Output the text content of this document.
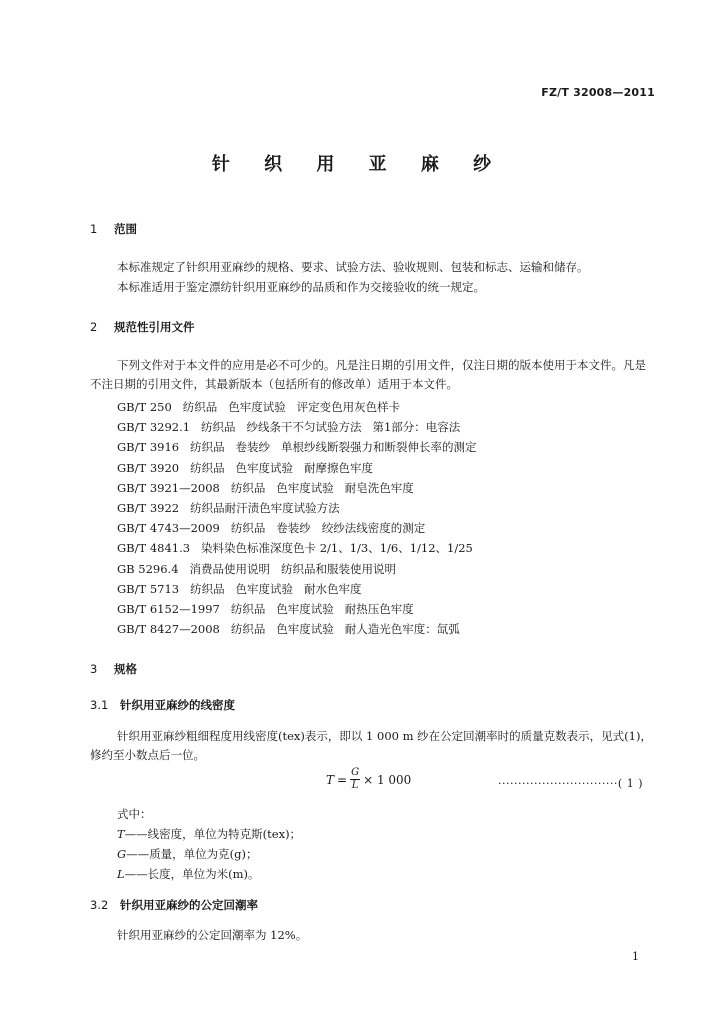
FZ/T 32008—2011
针 织 用 亚 麻 纱
1 范围
本标准规定了针织用亚麻纱的规格、要求、试验方法、验收规则、包装和标志、运输和储存。
本标准适用于鉴定漂纺针织用亚麻纱的品质和作为交接验收的统一规定。
2 规范性引用文件

下列文件对于本文件的应用是必不可少的。凡是注日期的引用文件，仅注日期的版本使用于本文件。凡是不注日期的引用文件，其最新版本（包括所有的修改单）适用于本文件。

GB/T 250   纺织品   色牢度试验   评定变色用灰色样卡
GB/T 3292.1   纺织品   纱线条干不匀试验方法   第1部分：电容法
GB/T 3916   纺织品   卷装纱   单根纱线断裂强力和断裂伸长率的测定
GB/T 3920   纺织品   色牢度试验   耐摩擦色牢度
GB/T 3921—2008   纺织品   色牢度试验   耐皂洗色牢度
GB/T 3922   纺织品耐汗渍色牢度试验方法
GB/T 4743—2009   纺织品   卷装纱   绞纱法线密度的测定
GB/T 4841.3   染料染色标准深度色卡 2/1、1/3、1/6、1/12、1/25
GB 5296.4   消费品使用说明   纺织品和服装使用说明
GB/T 5713   纺织品   色牢度试验   耐水色牢度
GB/T 6152—1997   纺织品   色牢度试验   耐热压色牢度
GB/T 8427—2008   纺织品   色牢度试验   耐人造光色牢度：氙弧
3 规格
3.1 针织用亚麻纱的线密度

针织用亚麻纱粗细程度用线密度(tex)表示，即以 1 000 m 纱在公定回潮率时的质量克数表示，见式(1)，修约至小数点后一位。

$T = \frac{G}{L} \times 1$ 000	······························( 1 )
式中：
T——线密度，单位为特克斯(tex)；
G——质量，单位为克(g)；
L——长度，单位为米(m)。
3.2 针织用亚麻纱的公定回潮率
针织用亚麻纱的公定回潮率为 12%。
1
